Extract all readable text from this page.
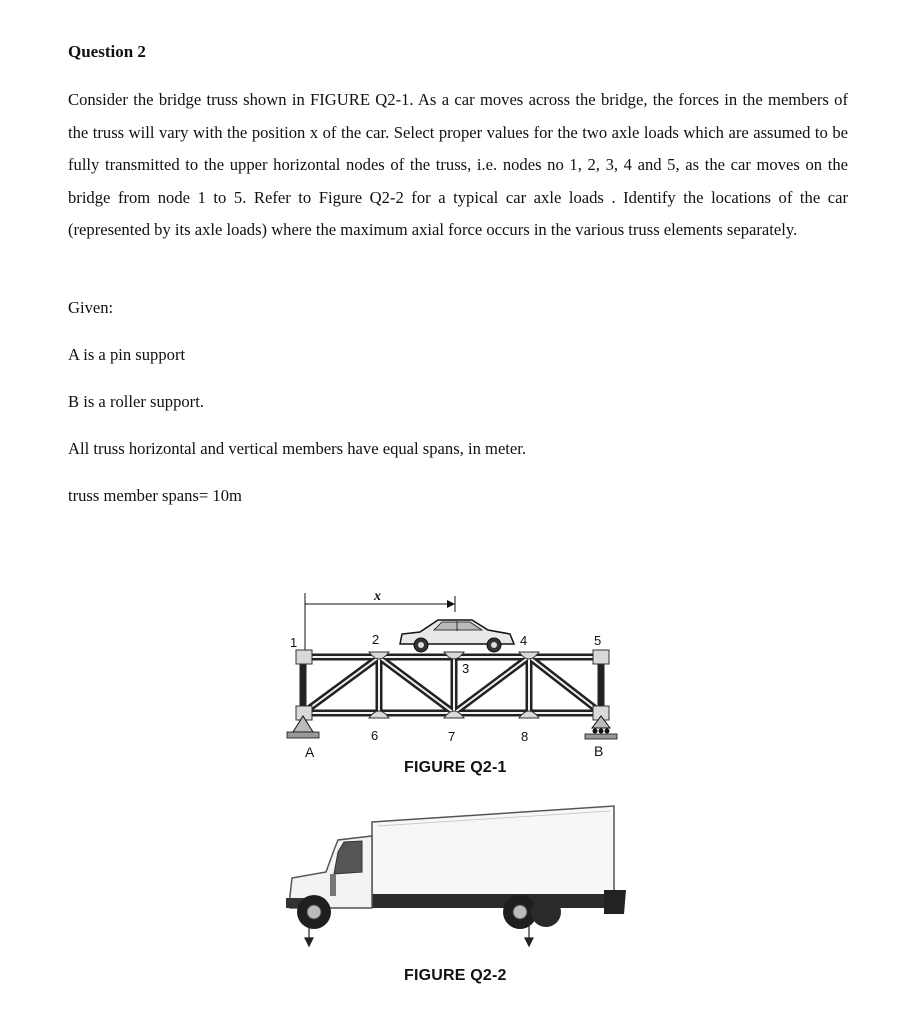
Question 2

Consider the bridge truss shown in FIGURE Q2-1. As a car moves across the bridge, the forces in the members of the truss will vary with the position x of the car. Select proper values for the two axle loads which are assumed to be fully transmitted to the upper horizontal nodes of the truss, i.e. nodes no 1, 2, 3, 4 and 5, as the car moves on the bridge from node 1 to 5. Refer to Figure Q2-2 for a typical car axle loads . Identify the locations of the car (represented by its axle loads) where the maximum axial force occurs in the various truss elements separately.

Given:

A is a pin support

B is a roller support.

All truss horizontal and vertical members have equal spans, in meter.

truss member spans= 10m

x
1	2
3
4	5
6	7	8
A	B
FIGURE Q2-1
FIGURE Q2-2
